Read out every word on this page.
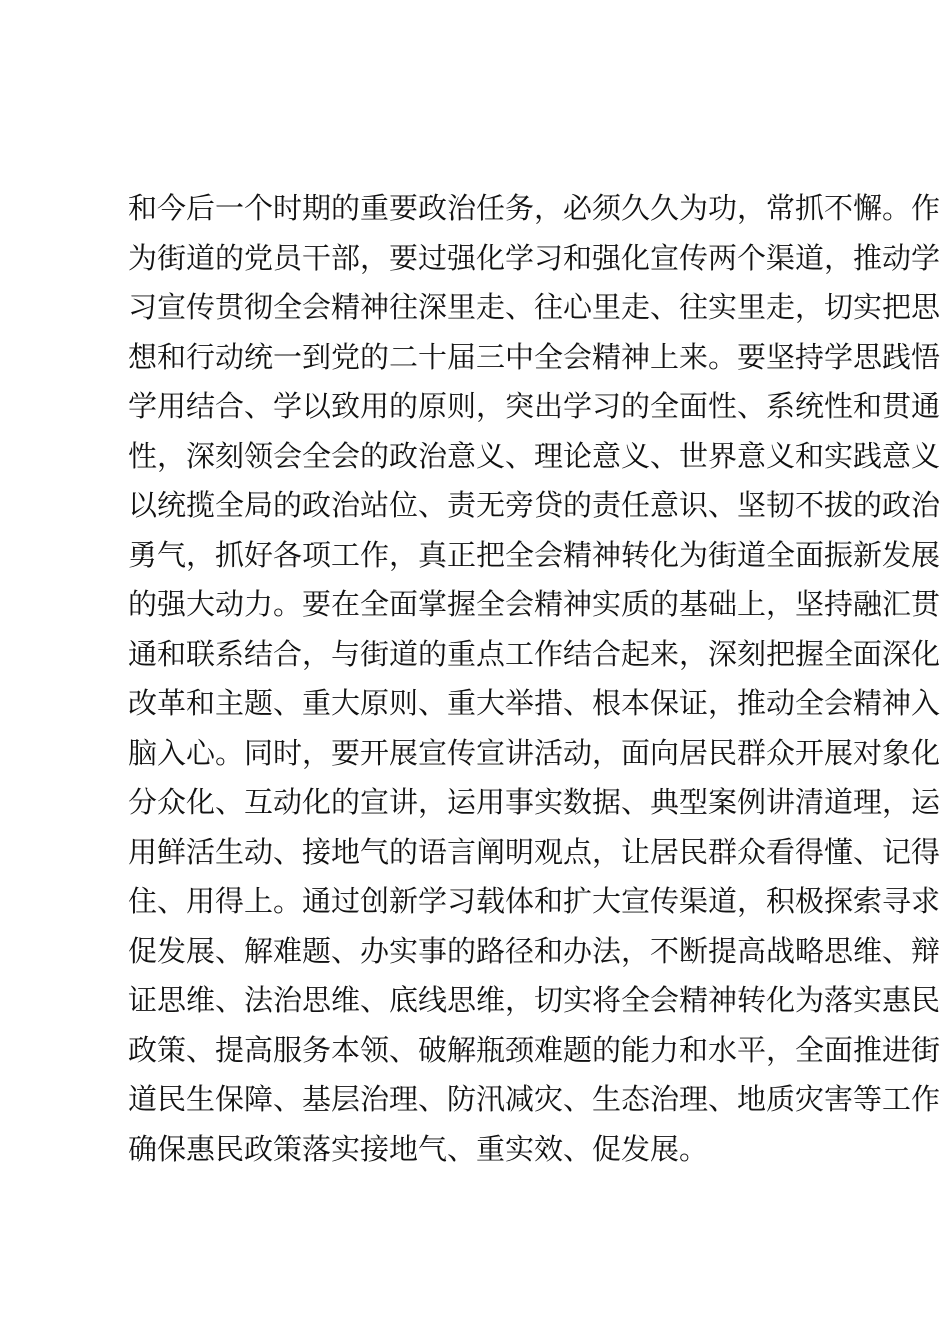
和今后一个时期的重要政治任务，必须久久为功，常抓不懈。作
为街道的党员干部，要过强化学习和强化宣传两个渠道，推动学
习宣传贯彻全会精神往深里走、往心里走、往实里走，切实把思
想和行动统一到党的二十届三中全会精神上来。要坚持学思践悟
学用结合、学以致用的原则，突出学习的全面性、系统性和贯通
性，深刻领会全会的政治意义、理论意义、世界意义和实践意义
以统揽全局的政治站位、责无旁贷的责任意识、坚韧不拔的政治
勇气，抓好各项工作，真正把全会精神转化为街道全面振新发展
的强大动力。要在全面掌握全会精神实质的基础上，坚持融汇贯
通和联系结合，与街道的重点工作结合起来，深刻把握全面深化
改革和主题、重大原则、重大举措、根本保证，推动全会精神入
脑入心。同时，要开展宣传宣讲活动，面向居民群众开展对象化
分众化、互动化的宣讲，运用事实数据、典型案例讲清道理，运
用鲜活生动、接地气的语言阐明观点，让居民群众看得懂、记得
住、用得上。通过创新学习载体和扩大宣传渠道，积极探索寻求
促发展、解难题、办实事的路径和办法，不断提高战略思维、辩
证思维、法治思维、底线思维，切实将全会精神转化为落实惠民
政策、提高服务本领、破解瓶颈难题的能力和水平，全面推进街
道民生保障、基层治理、防汛减灾、生态治理、地质灾害等工作
确保惠民政策落实接地气、重实效、促发展。
